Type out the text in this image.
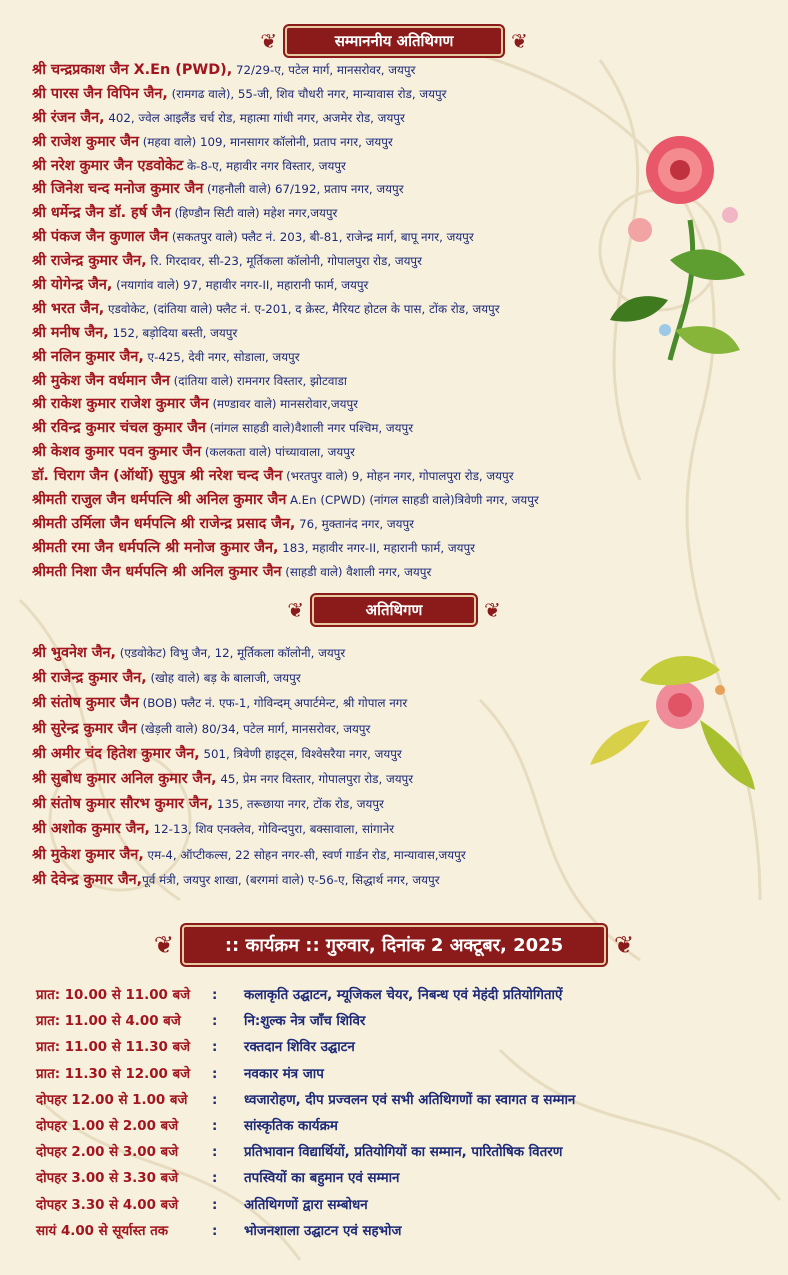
❦	सम्माननीय अतिथिगण	❦
श्री चन्द्रप्रकाश जैन X.En (PWD), 72/29-ए, पटेल मार्ग, मानसरोवर, जयपुर
श्री पारस जैन विपिन जैन, (रामगढ वाले), 55-जी, शिव चौधरी नगर, मान्यावास रोड, जयपुर
श्री रंजन जैन, 402, ज्वेल आइलैंड चर्च रोड, महात्मा गांधी नगर, अजमेर रोड, जयपुर
श्री राजेश कुमार जैन (महवा वाले) 109, मानसागर कॉलोनी, प्रताप नगर, जयपुर
श्री नरेश कुमार जैन एडवोकेट के-8-ए, महावीर नगर विस्तार, जयपुर
श्री जिनेश चन्द मनोज कुमार जैन (गहनौली वाले) 67/192, प्रताप नगर, जयपुर
श्री धर्मेन्द्र जैन डॉ. हर्ष जैन (हिण्डौन सिटी वाले) महेश नगर,जयपुर
श्री पंकज जैन कुणाल जैन (सकतपुर वाले) फ्लैट नं. 203, बी-81, राजेन्द्र मार्ग, बापू नगर, जयपुर
श्री राजेन्द्र कुमार जैन, रि. गिरदावर, सी-23, मूर्तिकला कॉलोनी, गोपालपुरा रोड, जयपुर
श्री योगेन्द्र जैन, (नयागांव वाले) 97, महावीर नगर-II, महारानी फार्म, जयपुर
श्री भरत जैन, एडवोकेट, (दांतिया वाले) फ्लैट नं. ए-201, द क्रेस्ट, मैरियट होटल के पास, टोंक रोड, जयपुर
श्री मनीष जैन, 152, बड़ोदिया बस्ती, जयपुर
श्री नलिन कुमार जैन, ए-425, देवी नगर, सोडाला, जयपुर
श्री मुकेश जैन वर्धमान जैन (दांतिया वाले) रामनगर विस्तार, झोटवाडा
श्री राकेश कुमार राजेश कुमार जैन (मण्डावर वाले) मानसरोवार,जयपुर
श्री रविन्द्र कुमार चंचल कुमार जैन (नांगल साहडी वाले)वैशाली नगर पश्चिम, जयपुर
श्री केशव कुमार पवन कुमार जैन (कलकता वाले) पांच्यावाला, जयपुर
डॉ. चिराग जैन (ऑर्थो) सुपुत्र श्री नरेश चन्द जैन (भरतपुर वाले) 9, मोहन नगर, गोपालपुरा रोड, जयपुर
श्रीमती राजुल जैन धर्मपत्नि श्री अनिल कुमार जैन A.En (CPWD) (नांगल साहडी वाले)त्रिवेणी नगर, जयपुर
श्रीमती उर्मिला जैन धर्मपत्नि श्री राजेन्द्र प्रसाद जैन, 76, मुक्तानंद नगर, जयपुर
श्रीमती रमा जैन धर्मपत्नि श्री मनोज कुमार जैन, 183, महावीर नगर-II, महारानी फार्म, जयपुर
श्रीमती निशा जैन धर्मपत्नि श्री अनिल कुमार जैन (साहडी वाले) वैशाली नगर, जयपुर
❦	अतिथिगण	❦
श्री भुवनेश जैन, (एडवोकेट) विभु जैन, 12, मूर्तिकला कॉलोनी, जयपुर
श्री राजेन्द्र कुमार जैन, (खोह वाले) बड़ के बालाजी, जयपुर
श्री संतोष कुमार जैन (BOB) फ्लैट नं. एफ-1, गोविन्दम् अपार्टमेन्ट, श्री गोपाल नगर
श्री सुरेन्द्र कुमार जैन (खेड़ली वाले) 80/34, पटेल मार्ग, मानसरोवर, जयपुर
श्री अमीर चंद हितेश कुमार जैन, 501, त्रिवेणी हाइट्स, विश्वेसरैया नगर, जयपुर
श्री सुबोध कुमार अनिल कुमार जैन, 45, प्रेम नगर विस्तार, गोपालपुरा रोड, जयपुर
श्री संतोष कुमार सौरभ कुमार जैन, 135, तरूछाया नगर, टोंक रोड, जयपुर
श्री अशोक कुमार जैन, 12-13, शिव एनक्लेव, गोविन्दपुरा, बक्सावाला, सांगानेर
श्री मुकेश कुमार जैन, एम-4, ऑप्टीकल्स, 22 सोहन नगर-सी, स्वर्ण गार्डन रोड, मान्यावास,जयपुर
श्री देवेन्द्र कुमार जैन,पूर्व मंत्री, जयपुर शाखा, (बरगमां वाले) ए-56-ए, सिद्धार्थ नगर, जयपुर
❦	:: कार्यक्रम :: गुरुवार, दिनांक 2 अक्टूबर, 2025	❦
प्रात: 10.00 से 11.00 बजे	:	कलाकृति उद्घाटन, म्यूजिकल चेयर, निबन्ध एवं मेहंदी प्रतियोगिताऐं
प्रात: 11.00 से 4.00 बजे	:	नि:शुल्क नेत्र जाँच शिविर
प्रात: 11.00 से 11.30 बजे	:	रक्तदान शिविर उद्घाटन
प्रात: 11.30 से 12.00 बजे	:	नवकार मंत्र जाप
दोपहर 12.00 से 1.00 बजे	:	ध्वजारोहण, दीप प्रज्वलन एवं सभी अतिथिगणों का स्वागत व सम्मान
दोपहर 1.00 से 2.00 बजे	:	सांस्कृतिक कार्यक्रम
दोपहर 2.00 से 3.00 बजे	:	प्रतिभावान विद्यार्थियों, प्रतियोगियों का सम्मान, पारितोषिक वितरण
दोपहर 3.00 से 3.30 बजे	:	तपस्वियों का बहुमान एवं सम्मान
दोपहर 3.30 से 4.00 बजे	:	अतिथिगणों द्वारा सम्बोधन
सायं 4.00 से सूर्यास्त तक	:	भोजनशाला उद्घाटन एवं सहभोज
